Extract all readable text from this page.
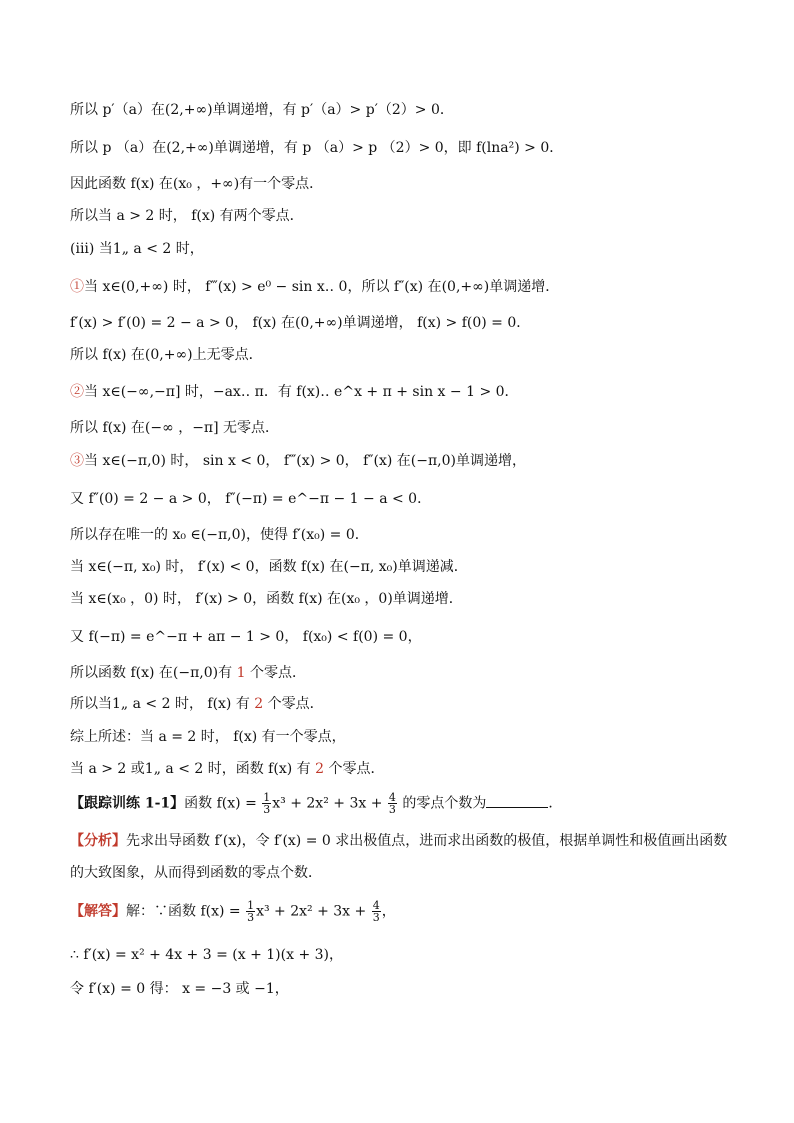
所以 p′（a）在(2,+∞)单调递增，有 p′（a）> p′（2）> 0．
所以 p （a）在(2,+∞)单调递增，有 p （a）> p （2）> 0，即 f(lna²) > 0．
因此函数 f(x) 在(x₀ ，+∞)有一个零点．
所以当 a > 2 时， f(x) 有两个零点．
(iii) 当1„ a < 2 时，
①当 x∈(0,+∞) 时， f‴(x) > e⁰ − sin x‥ 0，所以 f″(x) 在(0,+∞)单调递增．
f′(x) > f′(0) = 2 − a > 0， f(x) 在(0,+∞)单调递增， f(x) > f(0) = 0．
所以 f(x) 在(0,+∞)上无零点．
②当 x∈(−∞,−π] 时，−ax‥ π．有 f(x)‥ e^x + π + sin x − 1 > 0．
所以 f(x) 在(−∞ ，−π] 无零点．
③当 x∈(−π,0) 时， sin x < 0， f‴(x) > 0， f″(x) 在(−π,0)单调递增，
又 f″(0) = 2 − a > 0， f″(−π) = e^−π − 1 − a < 0．
所以存在唯一的 x₀ ∈(−π,0)，使得 f′(x₀) = 0．
当 x∈(−π, x₀) 时， f′(x) < 0，函数 f(x) 在(−π, x₀)单调递减．
当 x∈(x₀ ，0) 时， f′(x) > 0，函数 f(x) 在(x₀ ，0)单调递增．
又 f(−π) = e^−π + aπ − 1 > 0， f(x₀) < f(0) = 0，
所以函数 f(x) 在(−π,0)有 1 个零点．
所以当1„ a < 2 时， f(x) 有 2 个零点．
综上所述：当 a = 2 时， f(x) 有一个零点，
当 a > 2 或1„ a < 2 时，函数 f(x) 有 2 个零点．
【跟踪训练 1-1】函数 $f(x) = \frac{1}{3} x^3 + 2x^2 + 3x + \frac{4}{3}$ 的零点个数为	．
【分析】先求出导函数 f′(x)，令 f′(x) = 0 求出极值点，进而求出函数的极值，根据单调性和极值画出函数
的大致图象，从而得到函数的零点个数．
【解答】解：∵函数 $f(x) = \frac{1}{3} x^3 + 2x^2 + 3x + \frac{4}{3}$ ，
∴ f′(x) = x² + 4x + 3 = (x + 1)(x + 3)，
令 f′(x) = 0 得： x = −3 或 −1，
